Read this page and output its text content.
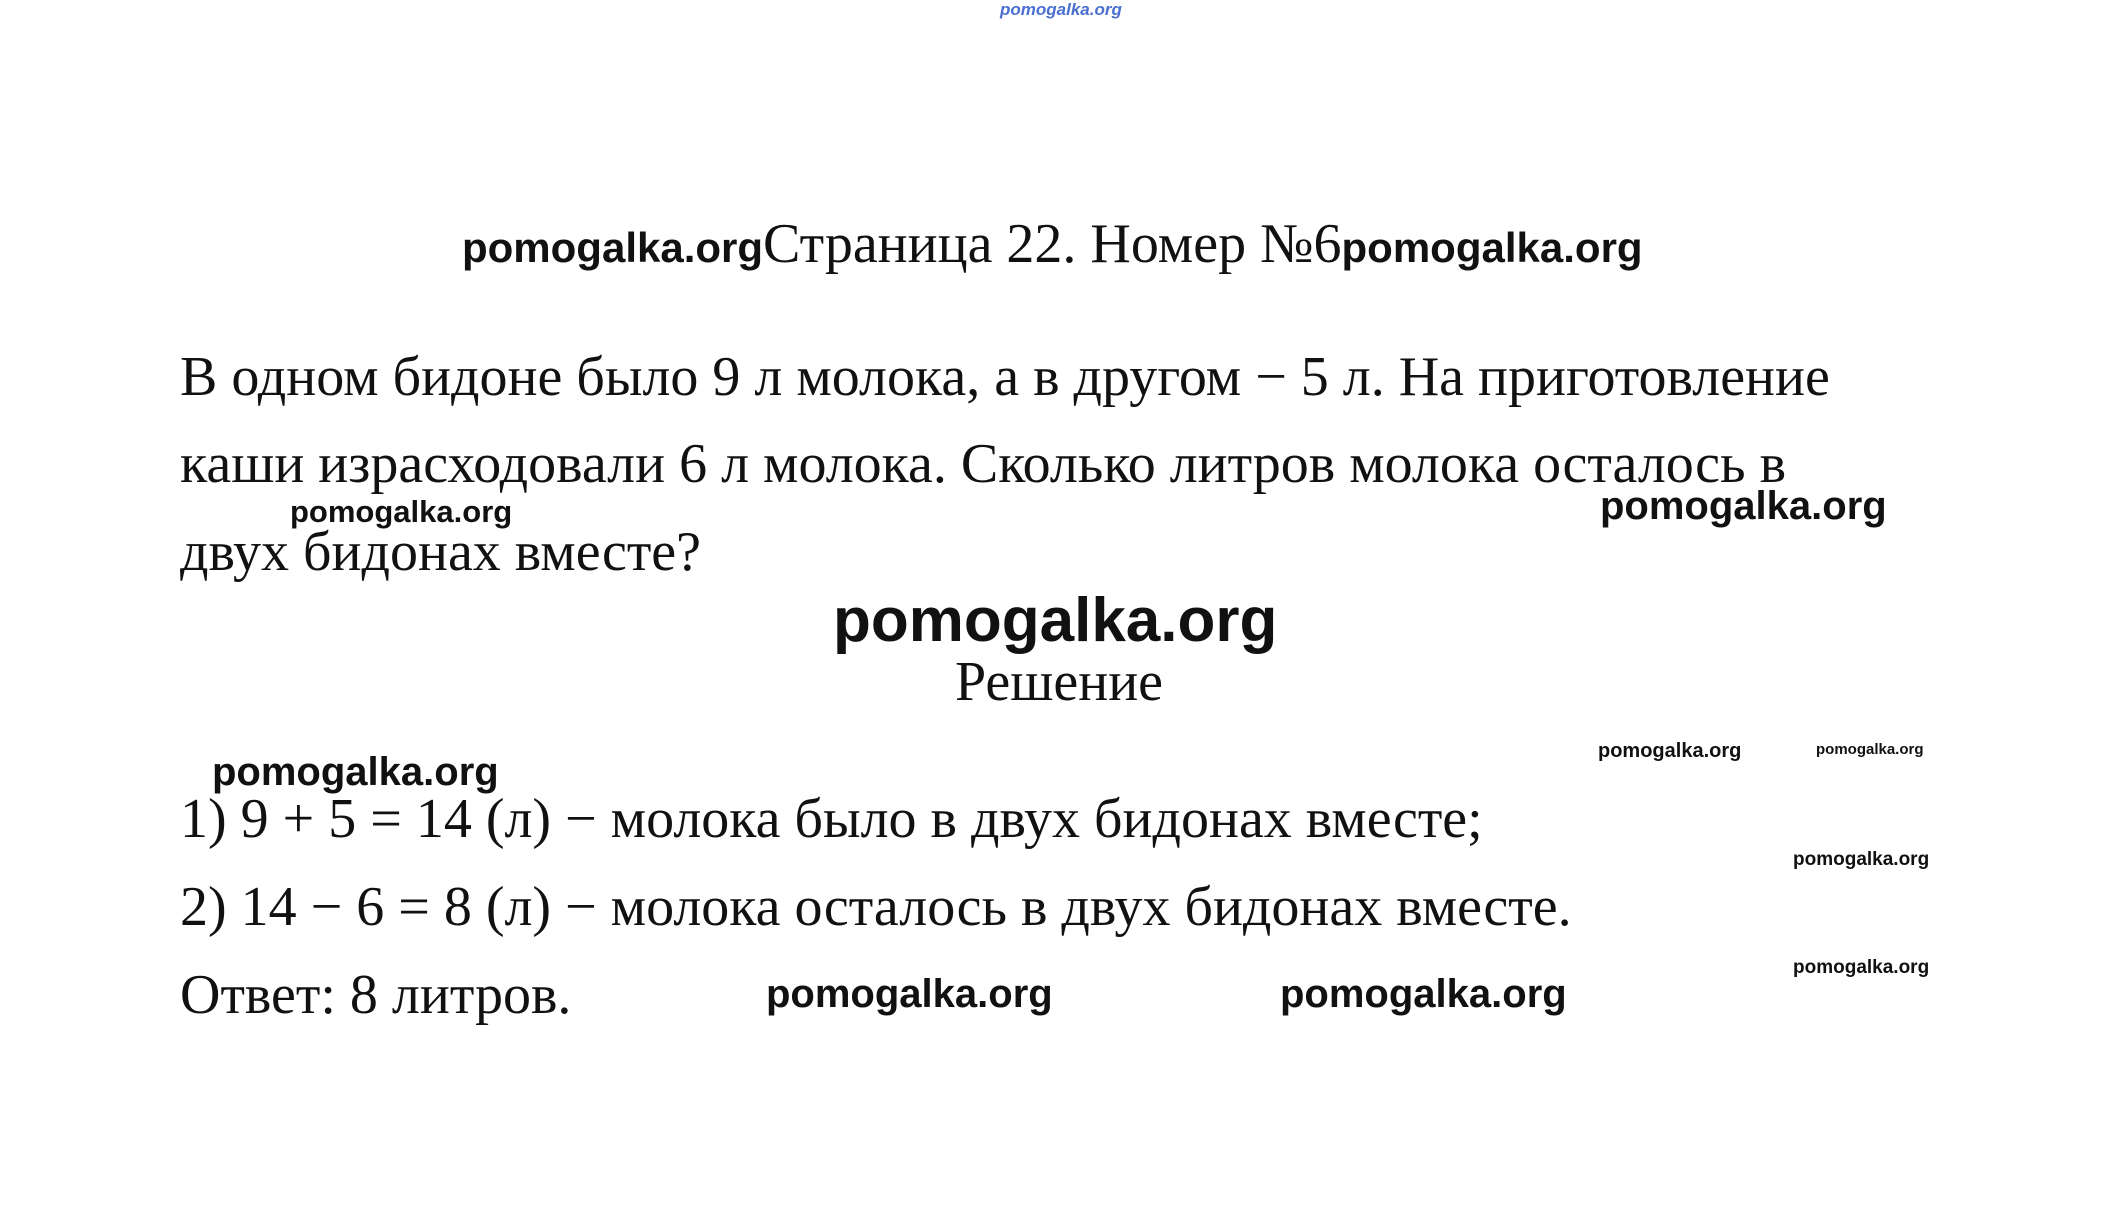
pomogalka.org
pomogalka.org Страница 22. Номер №6 pomogalka.org
В одном бидоне было 9 л молока, а в другом − 5 л. На приготовление
каши израсходовали 6 л молока. Сколько литров молока осталось в
двух бидонах вместе?
pomogalka.org	pomogalka.org
pomogalka.org
Решение
pomogalka.org	pomogalka.org
pomogalka.org
pomogalka.org
pomogalka.org
1) 9 + 5 = 14 (л) − молока было в двух бидонах вместе;
2) 14 − 6 = 8 (л) − молока осталось в двух бидонах вместе.
Ответ: 8 литров.	pomogalka.org	pomogalka.org
